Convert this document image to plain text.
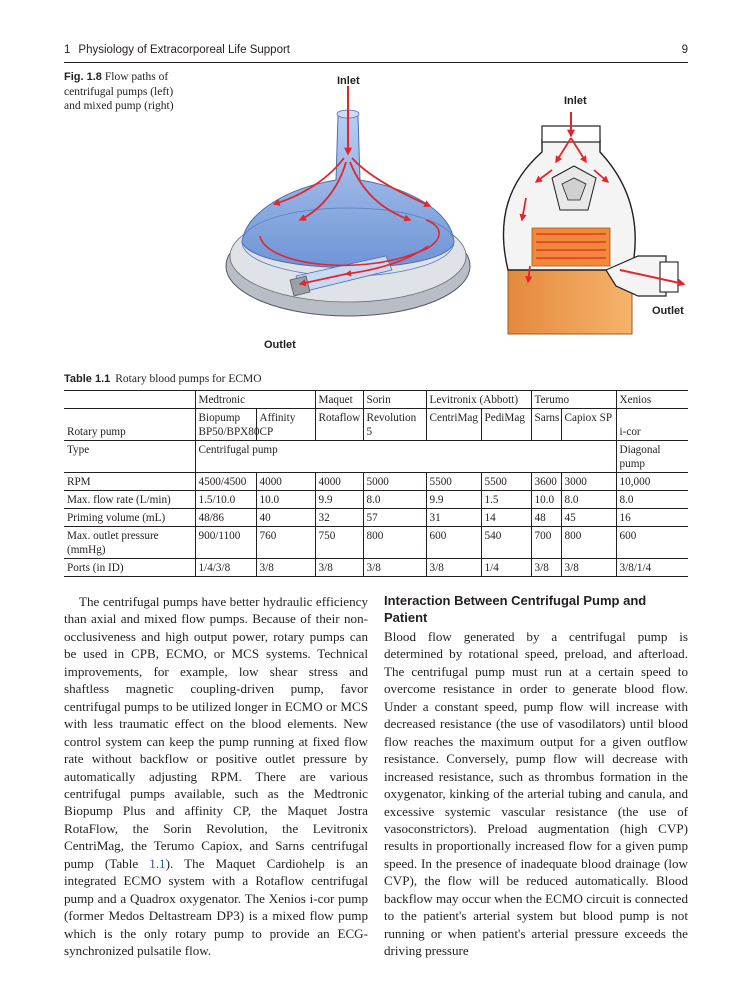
1 Physiology of Extracorporeal Life Support	9
Fig. 1.8 Flow paths of centrifugal pumps (left) and mixed pump (right)
Inlet
Outlet
Inlet
Outlet
Table 1.1 Rotary blood pumps for ECMO
	Medtronic		Maquet	Sorin	Levitronix (Abbott)		Terumo		Xenios
Rotary pump	Biopump BP50/BPX80	Affinity CP	Rotaflow	Revolution 5	CentriMag	PediMag	Sarns	Capiox SP	i-cor
Type	Centrifugal pump								Diagonal pump
RPM	4500/4500	4000	4000	5000	5500	5500	3600	3000	10,000
Max. flow rate (L/min)	1.5/10.0	10.0	9.9	8.0	9.9	1.5	10.0	8.0	8.0
Priming volume (mL)	48/86	40	32	57	31	14	48	45	16
Max. outlet pressure (mmHg)	900/1100	760	750	800	600	540	700	800	600
Ports (in ID)	1/4/3/8	3/8	3/8	3/8	3/8	1/4	3/8	3/8	3/8/1/4

The centrifugal pumps have better hydraulic efficiency than axial and mixed flow pumps. Because of their non-occlusiveness and high output power, rotary pumps can be used in CPB, ECMO, or MCS systems. Technical improvements, for example, low shear stress and shaftless magnetic coupling-driven pump, favor centrifugal pumps to be utilized longer in ECMO or MCS with less traumatic effect on the blood elements. New control system can keep the pump running at fixed flow rate without backflow or positive outlet pressure by automatically adjusting RPM. There are various centrifugal pumps available, such as the Medtronic Biopump Plus and affinity CP, the Maquet Jostra RotaFlow, the Sorin Revolution, the Levitronix CentriMag, the Terumo Capiox, and Sarns centrifugal pump (Table 1.1). The Maquet Cardiohelp is an integrated ECMO system with a Rotaflow centrifugal pump and a Quadrox oxygenator. The Xenios i-cor pump (former Medos Deltastream DP3) is a mixed flow pump which is the only rotary pump to provide an ECG-synchronized pulsatile flow.

Interaction Between Centrifugal Pump and Patient

Blood flow generated by a centrifugal pump is determined by rotational speed, preload, and afterload. The centrifugal pump must run at a certain speed to overcome resistance in order to generate blood flow. Under a constant speed, pump flow will increase with decreased resistance (the use of vasodilators) until blood flow reaches the maximum output for a given outflow resistance. Conversely, pump flow will decrease with increased resistance, such as thrombus formation in the oxygenator, kinking of the arterial tubing and canula, and excessive systemic vascular resistance (the use of vasoconstrictors). Preload augmentation (high CVP) results in proportionally increased flow for a given pump speed. In the presence of inadequate blood drainage (low CVP), the flow will be reduced automatically. Blood backflow may occur when the ECMO circuit is connected to the patient's arterial system but blood pump is not running or when patient's arterial pressure exceeds the driving pressure
